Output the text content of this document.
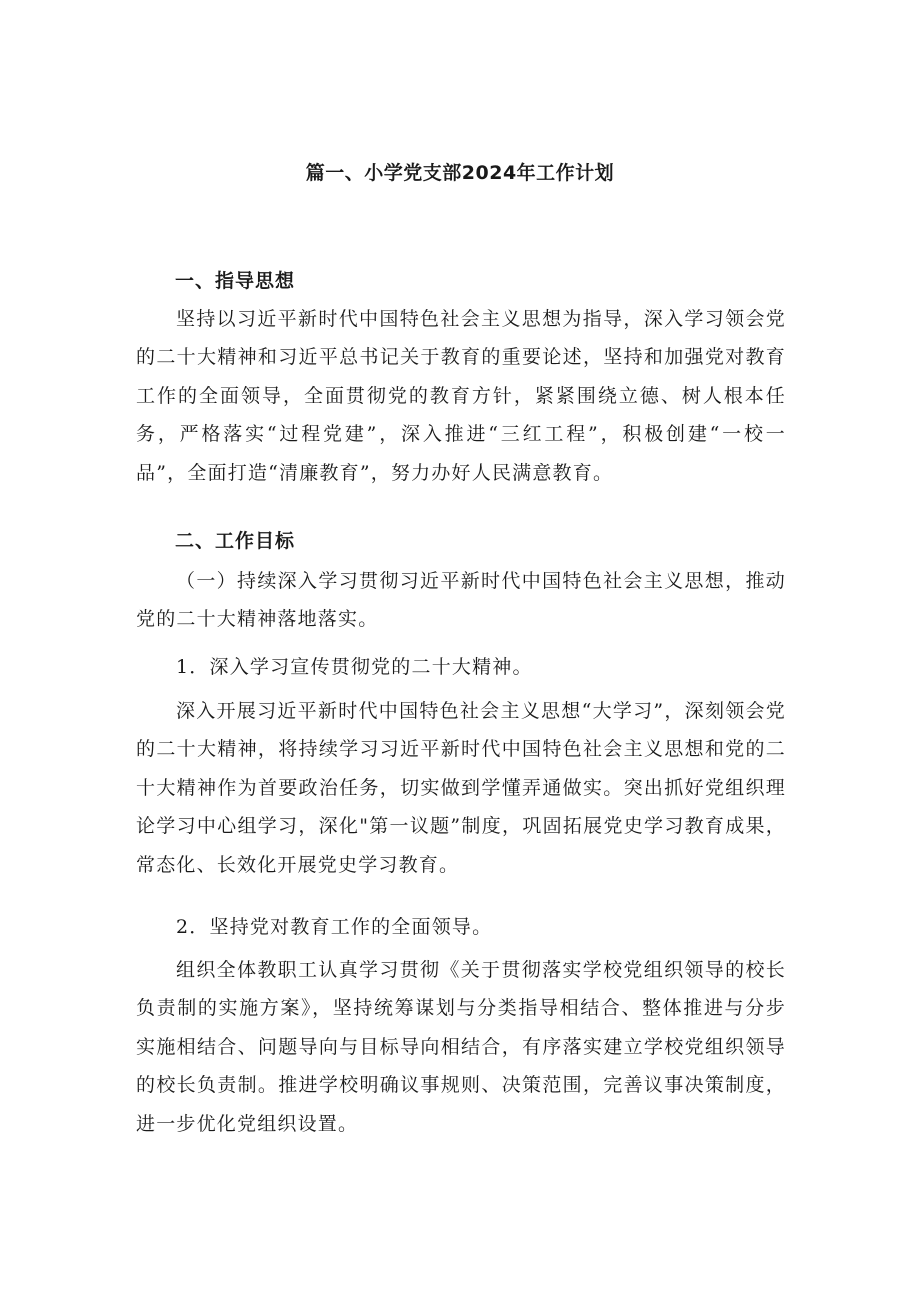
篇一、小学党支部2024年工作计划
一、指导思想
坚持以习近平新时代中国特色社会主义思想为指导，深入学习领会党的二十大精神和习近平总书记关于教育的重要论述，坚持和加强党对教育工作的全面领导，全面贯彻党的教育方针，紧紧围绕立德、树人根本任务，严格落实“过程党建”，深入推进“三红工程”，积极创建“一校一品”，全面打造“清廉教育”，努力办好人民满意教育。
二、工作目标
（一）持续深入学习贯彻习近平新时代中国特色社会主义思想，推动党的二十大精神落地落实。
1．深入学习宣传贯彻党的二十大精神。
深入开展习近平新时代中国特色社会主义思想“大学习”，深刻领会党的二十大精神，将持续学习习近平新时代中国特色社会主义思想和党的二十大精神作为首要政治任务，切实做到学懂弄通做实。突出抓好党组织理论学习中心组学习，深化"第一议题”制度，巩固拓展党史学习教育成果，常态化、长效化开展党史学习教育。
2．坚持党对教育工作的全面领导。
组织全体教职工认真学习贯彻《关于贯彻落实学校党组织领导的校长负责制的实施方案》，坚持统筹谋划与分类指导相结合、整体推进与分步实施相结合、问题导向与目标导向相结合，有序落实建立学校党组织领导的校长负责制。推进学校明确议事规则、决策范围，完善议事决策制度，进一步优化党组织设置。
